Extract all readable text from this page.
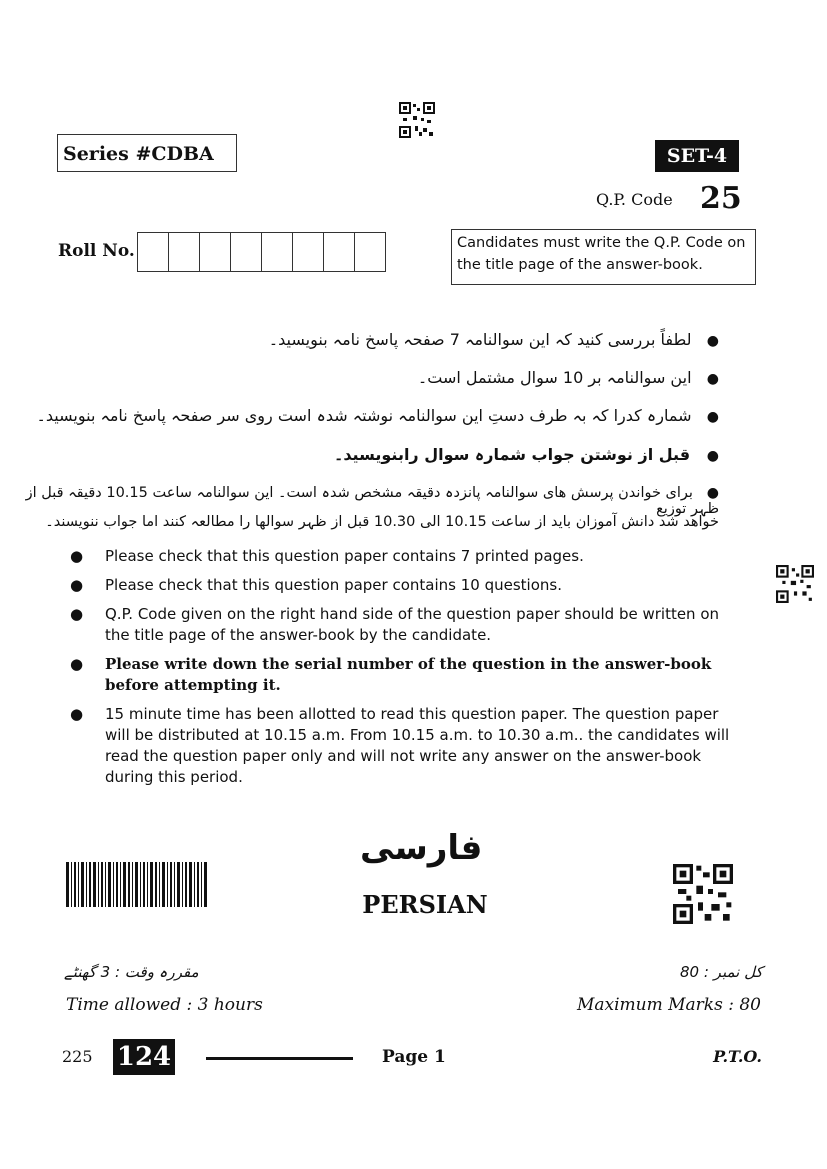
Series #CDBA	SET-4
Q.P. Code 25
Roll No.	Candidates must write the Q.P. Code on the title page of the answer-book.
●   لطفاً بررسی کنید کہ این سوالنامہ 7 صفحہ پاسخ نامہ بنویسید۔
●   این سوالنامہ بر 10 سوال مشتمل است۔
●   شمارہ کدرا کہ بہ طرف دستِ این سوالنامہ نوشتہ شدہ است روی سر صفحہ پاسخ نامہ بنویسید۔
●   قبل از نوشتن جواب شمارہ سوال رابنویسید۔
●   برای خواندن پرسش ھای سوالنامہ پانزدہ دقیقہ مشخص شدہ است۔ این سوالنامہ ساعت 10.15 دقیقہ قبل از ظہر توزیع
خواھد شد دانش آموزان باید از ساعت 10.15 الی 10.30 قبل از ظہر سوالھا را مطالعہ کنند اما جواب ننویسند۔
● Please check that this question paper contains 7 printed pages.
● Please check that this question paper contains 10 questions.
● Q.P. Code given on the right hand side of the question paper should be written on the title page of the answer-book by the candidate.
● Please write down the serial number of the question in the answer-book before attempting it.
● 15 minute time has been allotted to read this question paper. The question paper will be distributed at 10.15 a.m. From 10.15 a.m. to 10.30 a.m.. the candidates will read the question paper only and will not write any answer on the answer-book during this period.
فارسی
PERSIAN
مقررہ وقت : 3 گھنٹے	کل نمبر : 80
Time allowed : 3 hours	Maximum Marks : 80
225 124	Page 1	P.T.O.
